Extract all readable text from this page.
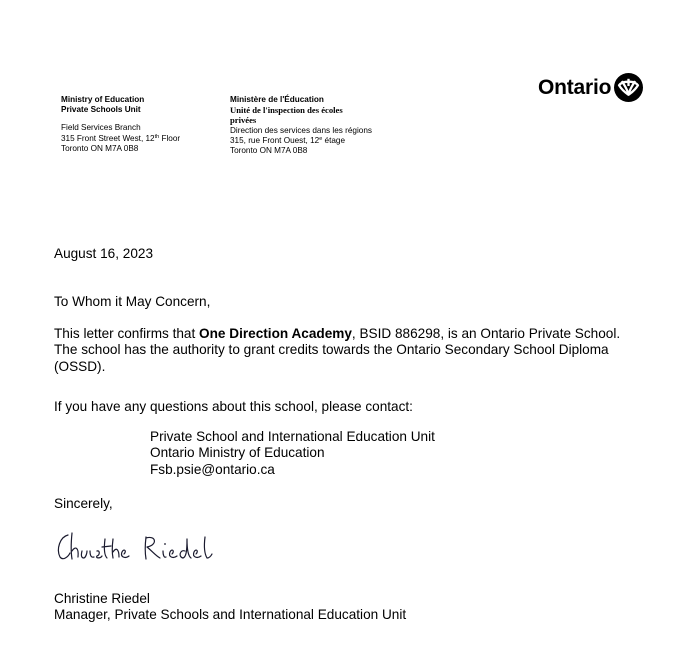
Ministry of Education
Private Schools Unit
Field Services Branch
315 Front Street West, 12th Floor
Toronto ON M7A 0B8
Ministère de l'Éducation
Unité de l'inspection des écoles
privées
Direction des services dans les régions
315, rue Front Ouest, 12e étage
Toronto ON M7A 0B8
Ontario
August 16, 2023
To Whom it May Concern,
This letter confirms that One Direction Academy, BSID 886298, is an Ontario Private School. The school has the authority to grant credits towards the Ontario Secondary School Diploma (OSSD).
If you have any questions about this school, please contact:
Private School and International Education Unit
Ontario Ministry of Education
Fsb.psie@ontario.ca
Sincerely,
Christine Riedel
Manager, Private Schools and International Education Unit
